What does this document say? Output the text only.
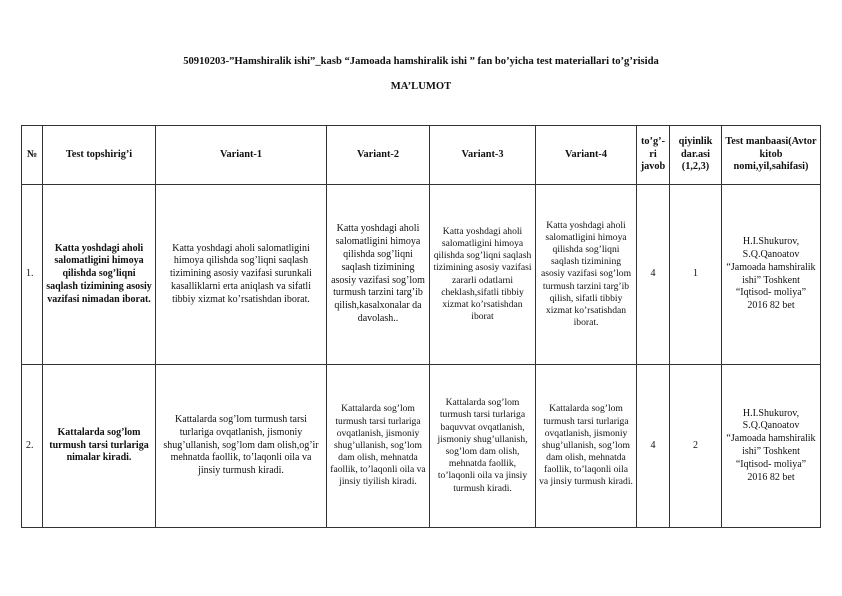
50910203-”Hamshiralik ishi”_kasb “Jamoada hamshiralik ishi ” fan bo’yicha test materiallari to’g’risida
MA’LUMOT
№	Test topshirig’i	Variant-1	Variant-2	Variant-3	Variant-4	to’g’-ri javob	qiyinlik dar.asi (1,2,3)	Test manbaasi(Avtor kitob nomi,yil,sahifasi)
1.	Katta yoshdagi aholi salomatligini himoya qilishda sog’liqni saqlash tizimining asosiy vazifasi nimadan iborat.	Katta yoshdagi aholi salomatligini himoya qilishda sog’liqni saqlash tizimining asosiy vazifasi surunkali kasalliklarni erta aniqlash va sifatli tibbiy xizmat ko’rsatishdan iborat.	Katta yoshdagi aholi salomatligini himoya qilishda sog’liqni saqlash tizimining asosiy vazifasi sog’lom turmush tarzini targ’ib qilish,kasalxonalar da davolash..	Katta yoshdagi aholi salomatligini himoya qilishda sog’liqni saqlash tizimining asosiy vazifasi zararli odatlarni cheklash,sifatli tibbiy xizmat ko’rsatishdan iborat	Katta yoshdagi aholi salomatligini himoya qilishda sog’liqni saqlash tizimining asosiy vazifasi sog’lom turmush tarzini targ’ib qilish, sifatli tibbiy xizmat ko’rsatishdan iborat.	4	1	H.I.Shukurov, S.Q.Qanoatov “Jamoada hamshiralik ishi” Toshkent “Iqtisod- moliya” 2016 82 bet
2.	Kattalarda sog’lom turmush tarsi turlariga nimalar kiradi.	Kattalarda sog’lom turmush tarsi turlariga ovqatlanish, jismoniy shug’ullanish, sog’lom dam olish,og’ir mehnatda faollik, to’laqonli oila va jinsiy turmush kiradi.	Kattalarda sog’lom turmush tarsi turlariga ovqatlanish, jismoniy shug’ullanish, sog’lom dam olish, mehnatda faollik, to’laqonli oila va jinsiy tiyilish kiradi.	Kattalarda sog’lom turmush tarsi turlariga baquvvat ovqatlanish, jismoniy shug’ullanish, sog’lom dam olish, mehnatda faollik, to’laqonli oila va jinsiy turmush kiradi.	Kattalarda sog’lom turmush tarsi turlariga ovqatlanish, jismoniy shug’ullanish, sog’lom dam olish, mehnatda faollik, to’laqonli oila va jinsiy turmush kiradi.	4	2	H.I.Shukurov, S.Q.Qanoatov “Jamoada hamshiralik ishi” Toshkent “Iqtisod- moliya” 2016 82 bet
